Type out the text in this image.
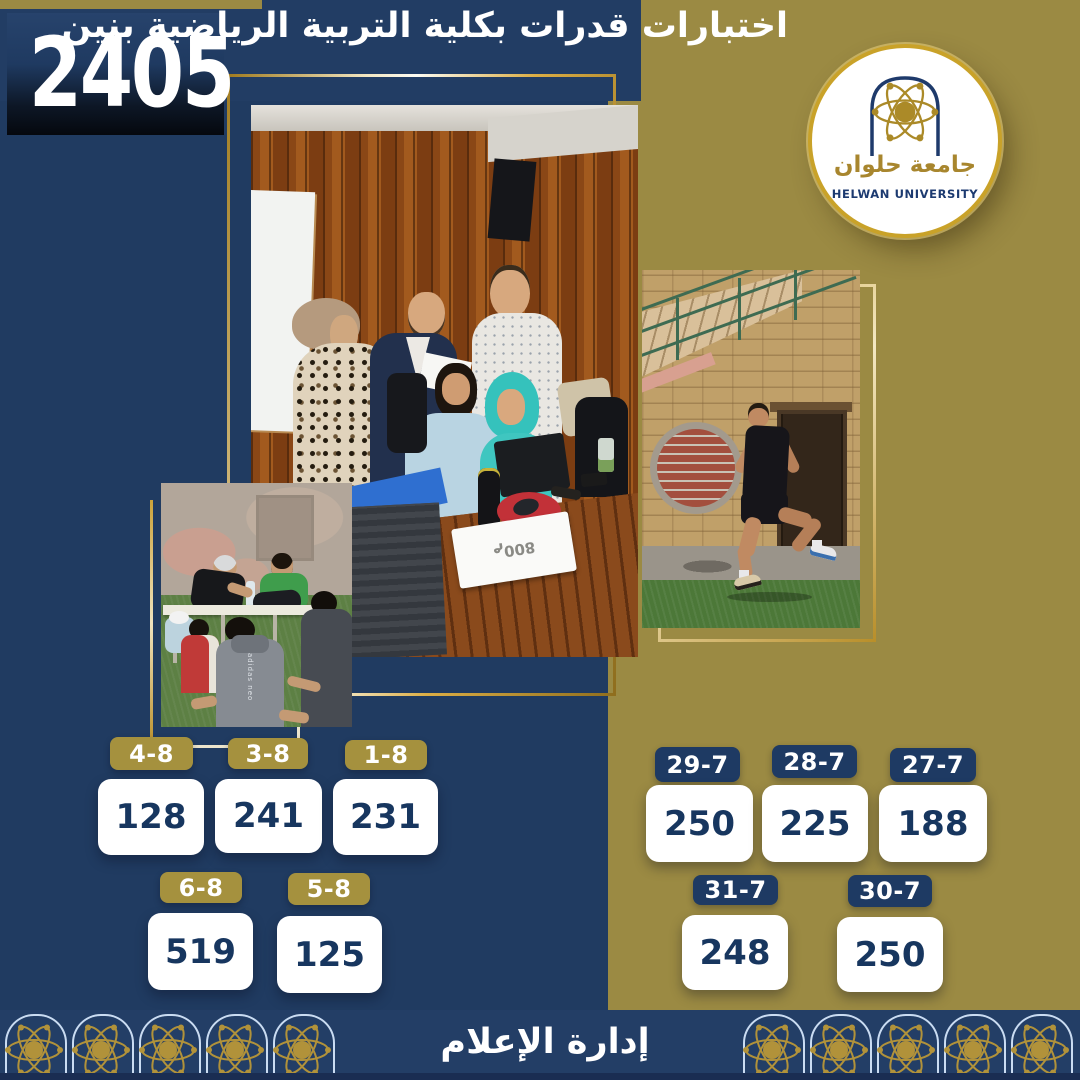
2405
اختبارات قدرات بكلية التربية الرياضية بنين
800م
adidas neo
جامعة حلوان
HELWAN UNIVERSITY
4-8
128
3-8
241
1-8
231
6-8
519
5-8
125
29-7
250
28-7
225
27-7
188
31-7
248
30-7
250
إدارة الإعلام
